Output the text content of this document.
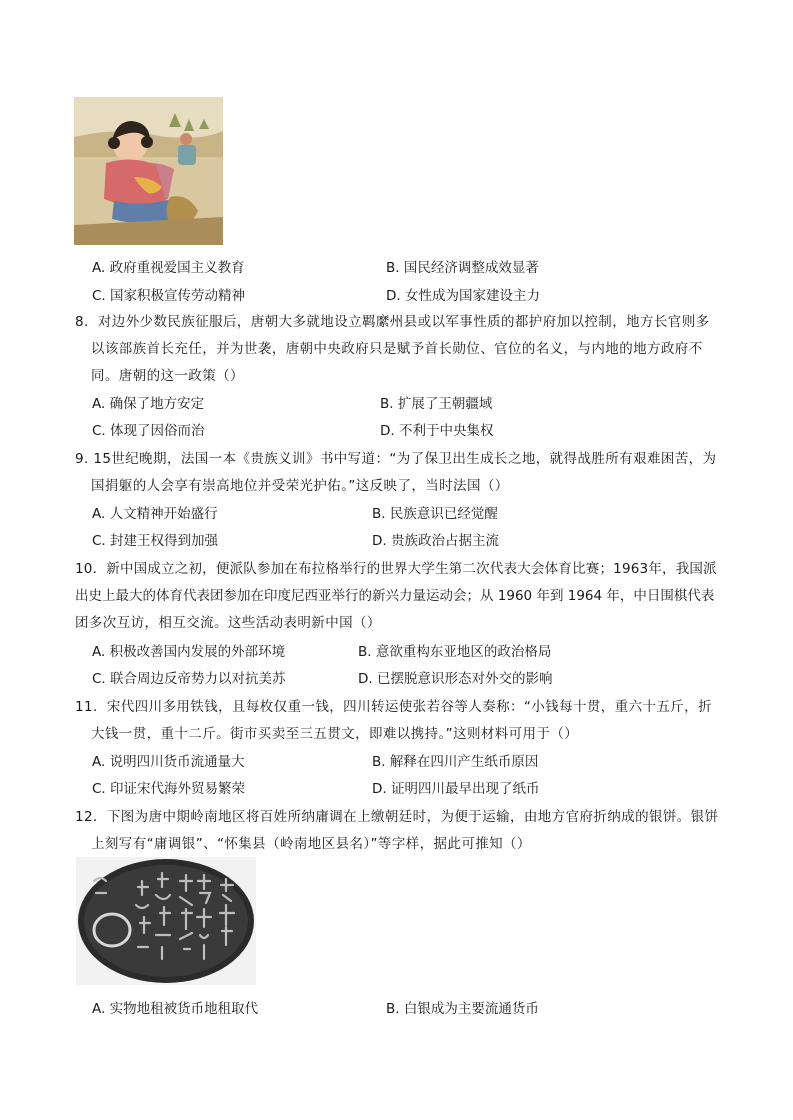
A. 政府重视爱国主义教育	B. 国民经济调整成效显著
C. 国家积极宣传劳动精神	D. 女性成为国家建设主力
8．对边外少数民族征服后，唐朝大多就地设立羁縻州县或以军事性质的都护府加以控制，地方长官则多
以该部族首长充任，并为世袭，唐朝中央政府只是赋予首长勋位、官位的名义，与内地的地方政府不
同。唐朝的这一政策（）
A. 确保了地方安定	B. 扩展了王朝疆域
C. 体现了因俗而治	D. 不利于中央集权
9. 15世纪晚期，法国一本《贵族义训》书中写道：“为了保卫出生成长之地，就得战胜所有艰难困苦，为
国捐躯的人会享有崇高地位并受荣光护佑。”这反映了，当时法国（）
A. 人文精神开始盛行	B. 民族意识已经觉醒
C. 封建王权得到加强	D. 贵族政治占据主流
10．新中国成立之初，便派队参加在布拉格举行的世界大学生第二次代表大会体育比赛；1963年，我国派
出史上最大的体育代表团参加在印度尼西亚举行的新兴力量运动会；从 1960 年到 1964 年，中日围棋代表
团多次互访，相互交流。这些活动表明新中国（）
A. 积极改善国内发展的外部环境	B. 意欲重构东亚地区的政治格局
C. 联合周边反帝势力以对抗美苏	D. 已摆脱意识形态对外交的影响
11．宋代四川多用铁钱，且每枚仅重一钱，四川转运使张若谷等人奏称：“小钱每十贯，重六十五斤，折
大钱一贯，重十二斤。街市买卖至三五贯文，即难以携持。”这则材料可用于（）
A. 说明四川货币流通量大	B. 解释在四川产生纸币原因
C. 印证宋代海外贸易繁荣	D. 证明四川最早出现了纸币
12．下图为唐中期岭南地区将百姓所纳庸调在上缴朝廷时，为便于运输，由地方官府折纳成的银饼。银饼
上刻写有“庸调银”、“怀集县（岭南地区县名）”等字样，据此可推知（）
A. 实物地租被货币地租取代	B. 白银成为主要流通货币
